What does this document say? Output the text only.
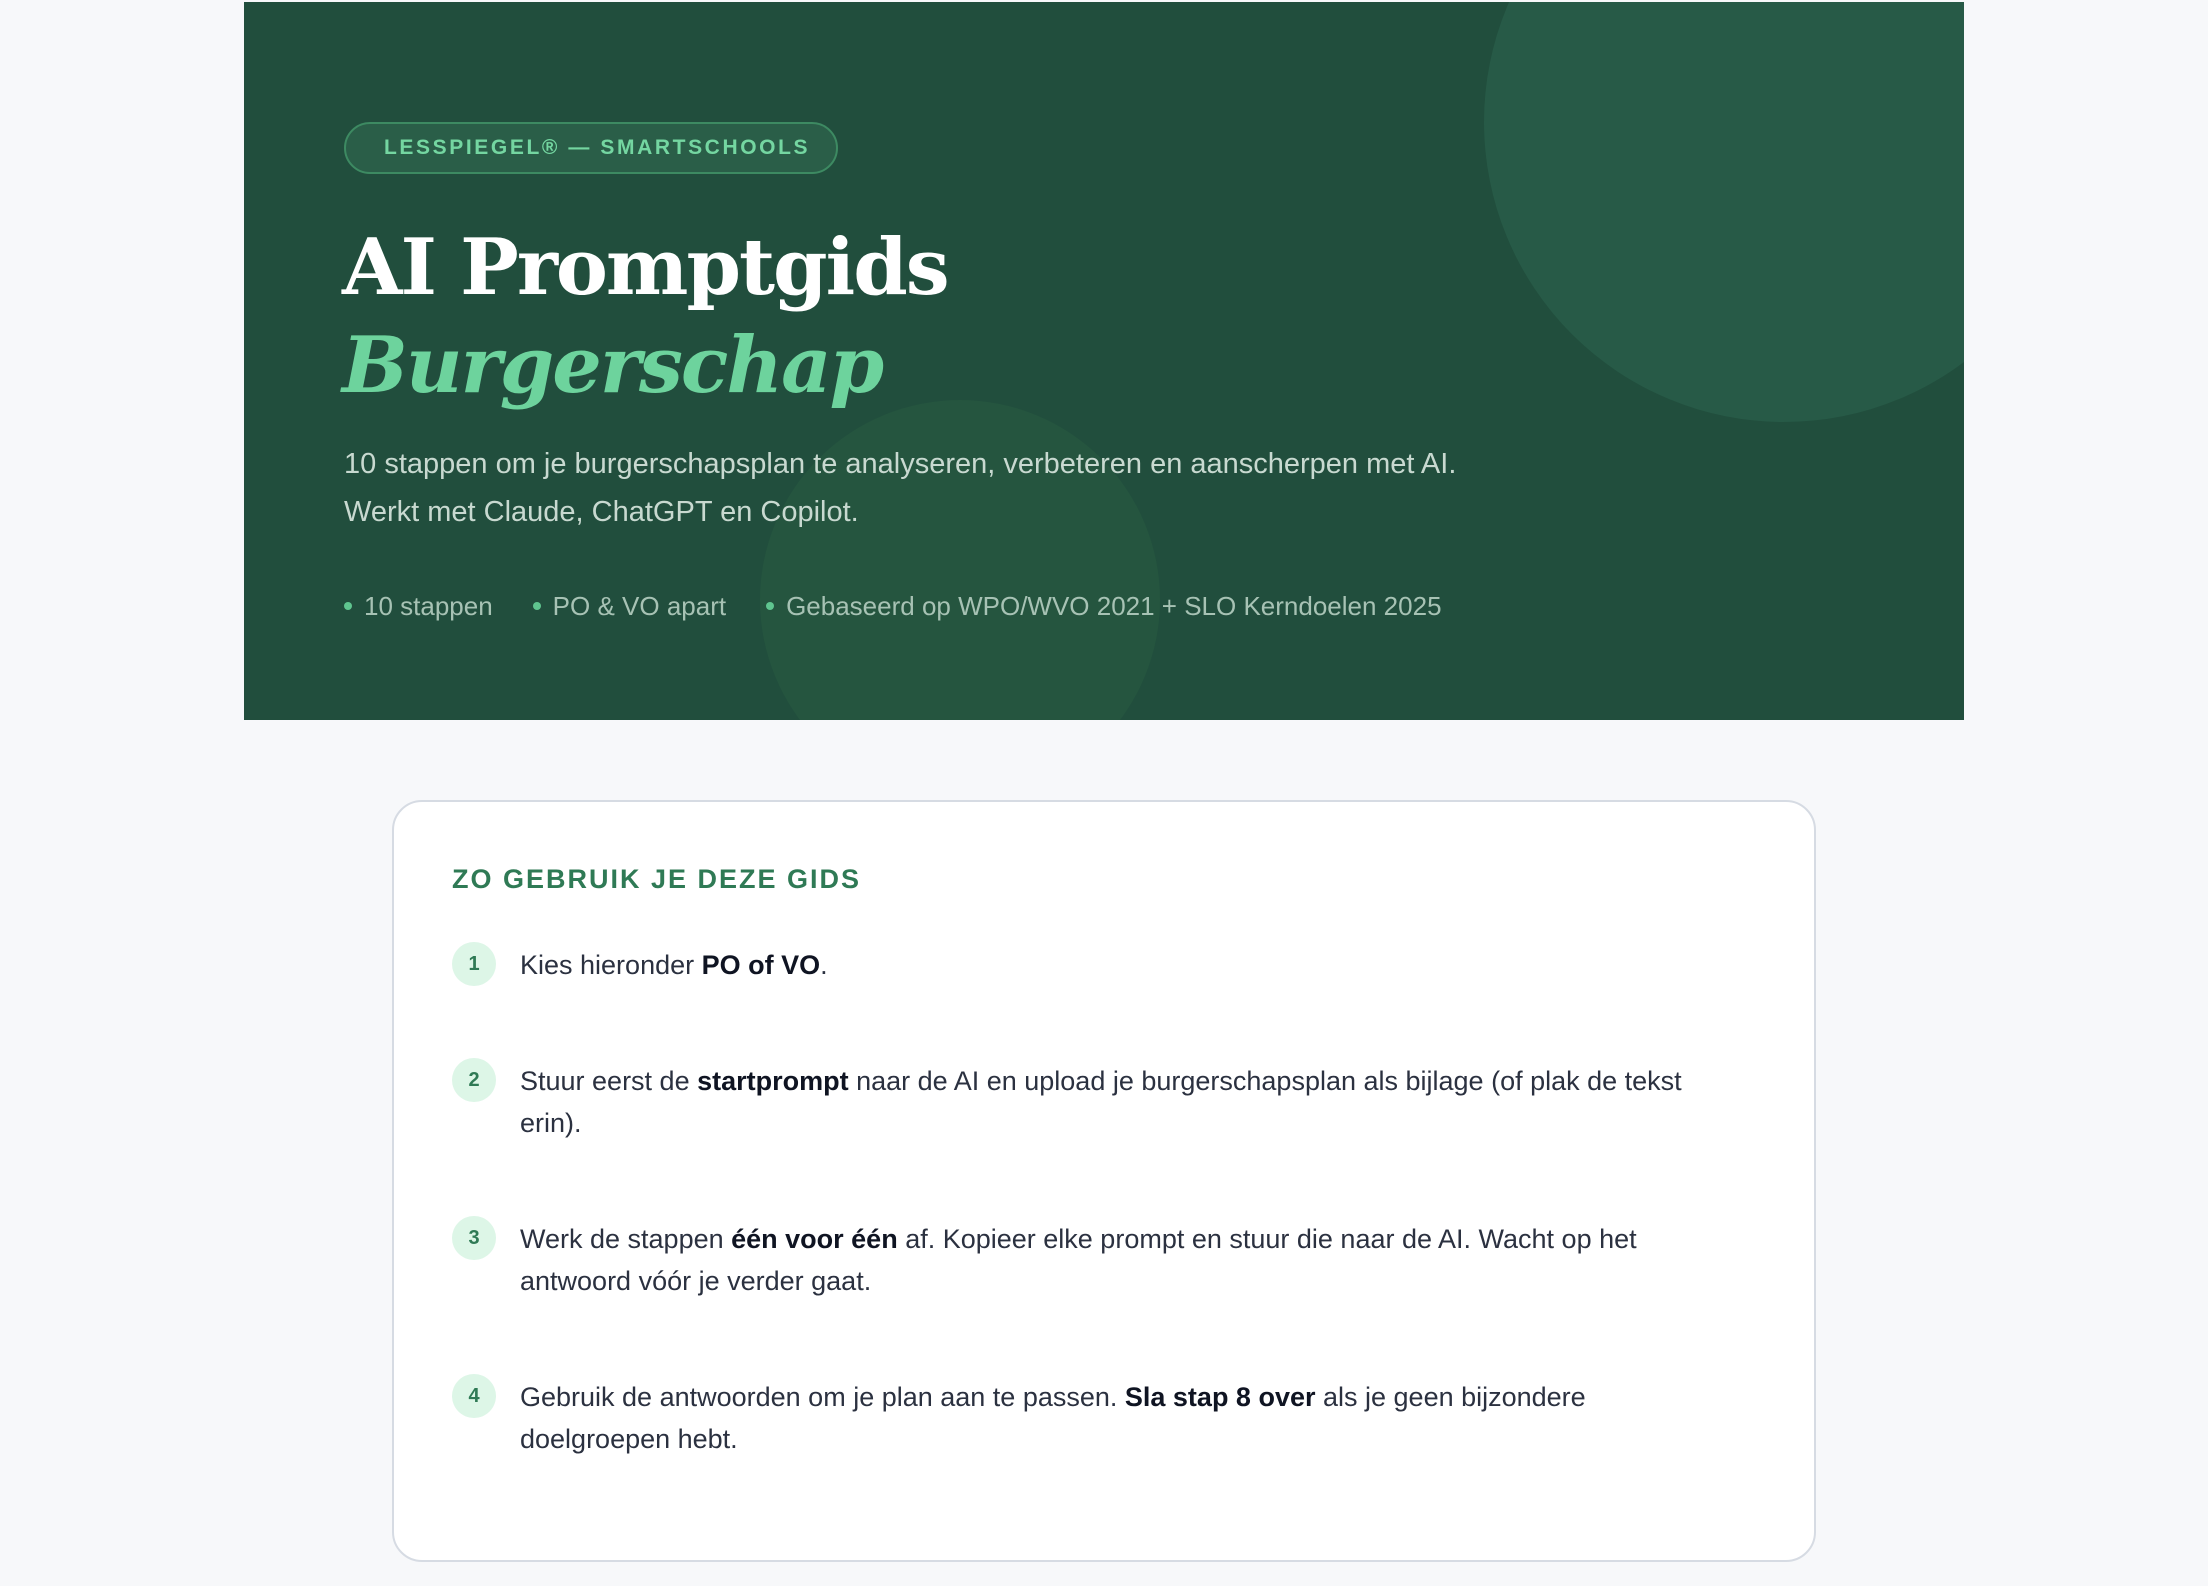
LESSPIEGEL® — SMARTSCHOOLS
AI Promptgids
Burgerschap

10 stappen om je burgerschapsplan te analyseren, verbeteren en aanscherpen met AI. Werkt met Claude, ChatGPT en Copilot.

10 stappen PO & VO apart Gebaseerd op WPO/WVO 2021 + SLO Kerndoelen 2025
ZO GEBRUIK JE DEZE GIDS
1	Kies hieronder PO of VO.
2	Stuur eerst de startprompt naar de AI en upload je burgerschapsplan als bijlage (of plak de tekst erin).
3	Werk de stappen één voor één af. Kopieer elke prompt en stuur die naar de AI. Wacht op het antwoord vóór je verder gaat.
4	Gebruik de antwoorden om je plan aan te passen. Sla stap 8 over als je geen bijzondere doelgroepen hebt.
